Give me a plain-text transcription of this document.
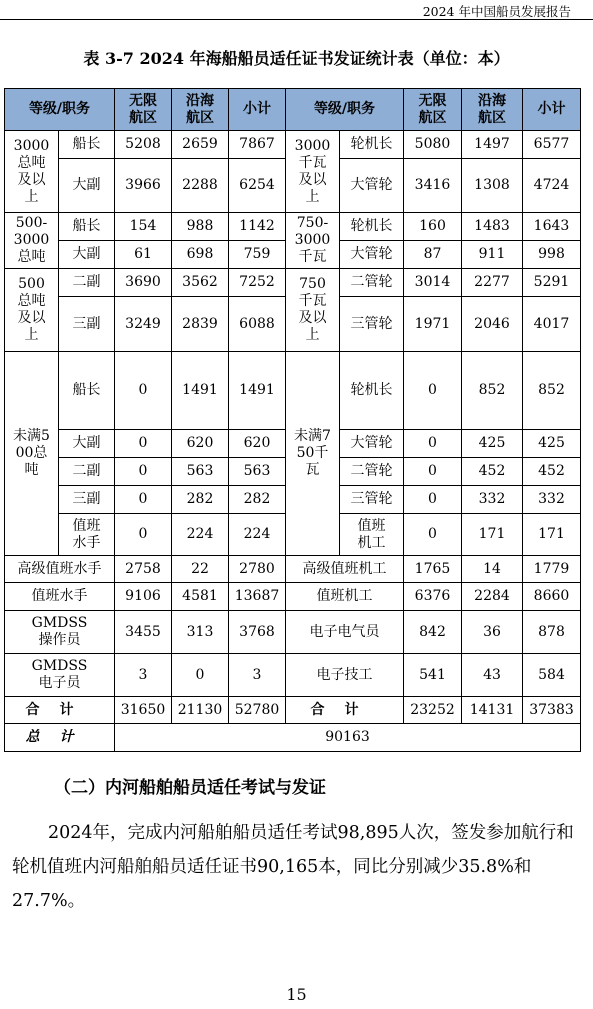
2024 年中国船员发展报告
表 3-7 2024 年海船船员适任证书发证统计表（单位：本）
等级/职务		无限航区	沿海航区	小计	等级/职务		无限航区	沿海航区	小计
3000总吨及以上	船长	5208	2659	7867	3000千瓦及以上	轮机长	5080	1497	6577
	大副	3966	2288	6254		大管轮	3416	1308	4724
500-3000总吨	船长	154	988	1142	750-3000千瓦	轮机长	160	1483	1643
	大副	61	698	759		大管轮	87	911	998
500总吨及以上	二副	3690	3562	7252	750千瓦及以上	二管轮	3014	2277	5291
	三副	3249	2839	6088		三管轮	1971	2046	4017
未满500总吨	船长	0	1491	1491	未满750千瓦	轮机长	0	852	852
	大副	0	620	620		大管轮	0	425	425
	二副	0	563	563		二管轮	0	452	452
	三副	0	282	282		三管轮	0	332	332
	值班水手	0	224	224		值班机工	0	171	171
高级值班水手		2758	22	2780	高级值班机工		1765	14	1779
值班水手		9106	4581	13687	值班机工		6376	2284	8660
GMDSS操作员		3455	313	3768	电子电气员		842	36	878
GMDSS电子员		3	0	3	电子技工		541	43	584
合计		31650	21130	52780	合计		23252	14131	37383
总计		90163							
（二）内河船舶船员适任考试与发证

2024年，完成内河船舶船员适任考试98,895人次，签发参加航行和轮机值班内河船舶船员适任证书90,165本，同比分别减少35.8%和27.7%。

15
